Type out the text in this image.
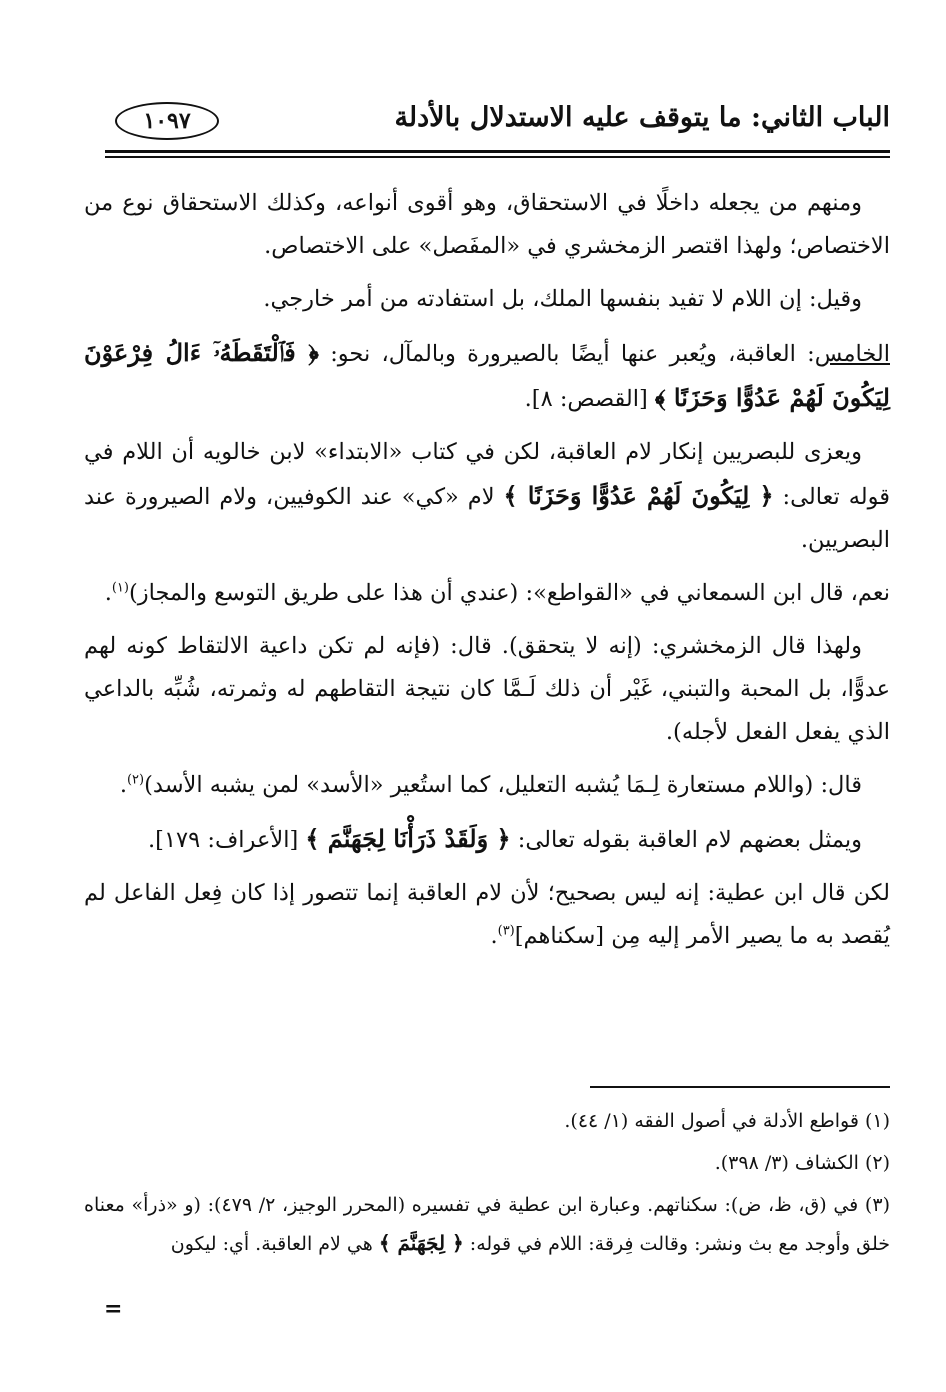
الباب الثاني: ما يتوقف عليه الاستدلال بالأدلة
١٠٩٧

ومنهم من يجعله داخلًا في الاستحقاق، وهو أقوى أنواعه، وكذلك الاستحقاق نوع من الاختصاص؛ ولهذا اقتصر الزمخشري في «المفَصل» على الاختصاص.

وقيل: إن اللام لا تفيد بنفسها الملك، بل استفادته من أمر خارجي.

الخامس: العاقبة، ويُعبر عنها أيضًا بالصيرورة وبالمآل، نحو: ﴿ فَٱلْتَقَطَهُۥٓ ءَالُ فِرْعَوْنَ لِيَكُونَ لَهُمْ عَدُوًّا وَحَزَنًا ﴾ [القصص: ٨].

ويعزى للبصريين إنكار لام العاقبة، لكن في كتاب «الابتداء» لابن خالويه أن اللام في قوله تعالى: ﴿ لِيَكُونَ لَهُمْ عَدُوًّا وَحَزَنًا ﴾ لام «كي» عند الكوفيين، ولام الصيرورة عند البصريين.

نعم، قال ابن السمعاني في «القواطع»: (عندي أن هذا على طريق التوسع والمجاز)$^{(١)}$.

ولهذا قال الزمخشري: (إنه لا يتحقق). قال: (فإنه لم تكن داعية الالتقاط كونه لهم عدوًّا، بل المحبة والتبني، غَيْر أن ذلك لَـمَّا كان نتيجة التقاطهم له وثمرته، شُبِّه بالداعي الذي يفعل الفعل لأجله).

قال: (واللام مستعارة لِـمَا يُشبه التعليل، كما استُعير «الأسد» لمن يشبه الأسد)$^{(٢)}$.

ويمثل بعضهم لام العاقبة بقوله تعالى: ﴿ وَلَقَدْ ذَرَأْنَا لِجَهَنَّمَ ﴾ [الأعراف: ١٧٩].

لكن قال ابن عطية: إنه ليس بصحيح؛ لأن لام العاقبة إنما تتصور إذا كان فِعل الفاعل لم يُقصد به ما يصير الأمر إليه مِن [سكناهم]$^{(٣)}$.

(١) قواطع الأدلة في أصول الفقه (١/ ٤٤).

(٢) الكشاف (٣/ ٣٩٨).

(٣) في (ق، ظ، ض): سكناتهم. وعبارة ابن عطية في تفسيره (المحرر الوجيز، ٢/ ٤٧٩): (و «ذرأ» معناه خلق وأوجد مع بث ونشر: وقالت فِرقة: اللام في قوله: ﴿ لِجَهَنَّمَ ﴾ هي لام العاقبة. أي: ليكون

=
